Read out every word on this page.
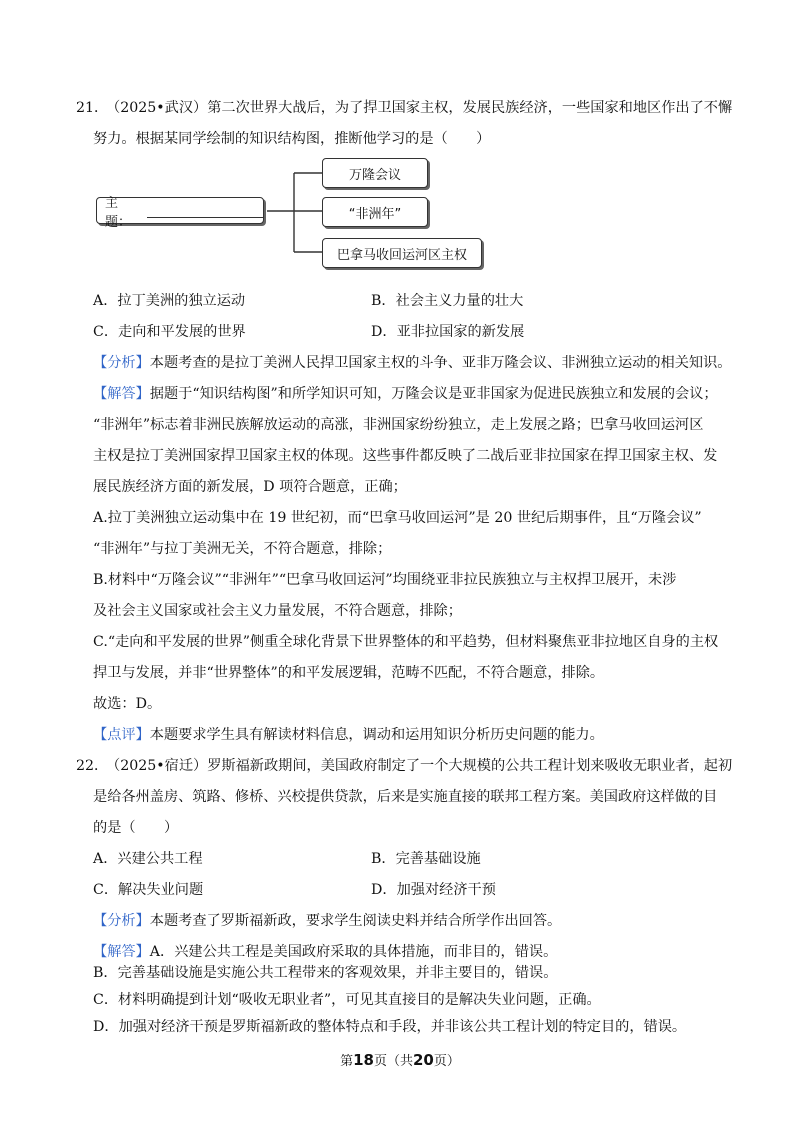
21．
（2025•武汉）第二次世界大战后，为了捍卫国家主权，发展民族经济，一些国家和地区作出了不懈
努力。根据某同学绘制的知识结构图，推断他学习的是（　　）
主题：
万隆会议
“非洲年”
巴拿马收回运河区主权
A．拉丁美洲的独立运动	B．社会主义力量的壮大
C．走向和平发展的世界	D．亚非拉国家的新发展
【分析】本题考查的是拉丁美洲人民捍卫国家主权的斗争、亚非万隆会议、非洲独立运动的相关知识。
【解答】据题于“知识结构图”和所学知识可知，万隆会议是亚非国家为促进民族独立和发展的会议；
“非洲年”标志着非洲民族解放运动的高涨，非洲国家纷纷独立，走上发展之路；巴拿马收回运河区
主权是拉丁美洲国家捍卫国家主权的体现。这些事件都反映了二战后亚非拉国家在捍卫国家主权、发
展民族经济方面的新发展，D 项符合题意，正确；
A.拉丁美洲独立运动集中在 19 世纪初，而“巴拿马收回运河”是 20 世纪后期事件，且“万隆会议”
“非洲年”与拉丁美洲无关，不符合题意，排除；
B.材料中“万隆会议”“非洲年”“巴拿马收回运河”均围绕亚非拉民族独立与主权捍卫展开，未涉
及社会主义国家或社会主义力量发展，不符合题意，排除；
C.“走向和平发展的世界”侧重全球化背景下世界整体的和平趋势，但材料聚焦亚非拉地区自身的主权
捍卫与发展，并非“世界整体”的和平发展逻辑，范畴不匹配，不符合题意，排除。
故选：D。
【点评】本题要求学生具有解读材料信息，调动和运用知识分析历史问题的能力。
22．
（2025•宿迁）罗斯福新政期间，美国政府制定了一个大规模的公共工程计划来吸收无职业者，起初
是给各州盖房、筑路、修桥、兴校提供贷款，后来是实施直接的联邦工程方案。美国政府这样做的目
的是（　　）
A．兴建公共工程	B．完善基础设施
C．解决失业问题	D．加强对经济干预
【分析】本题考查了罗斯福新政，要求学生阅读史料并结合所学作出回答。
【解答】A．兴建公共工程是美国政府采取的具体措施，而非目的，错误。
B．完善基础设施是实施公共工程带来的客观效果，并非主要目的，错误。
C．材料明确提到计划“吸收无职业者”，可见其直接目的是解决失业问题，正确。
第18页（共20页）
D．加强对经济干预是罗斯福新政的整体特点和手段，并非该公共工程计划的特定目的，错误。
